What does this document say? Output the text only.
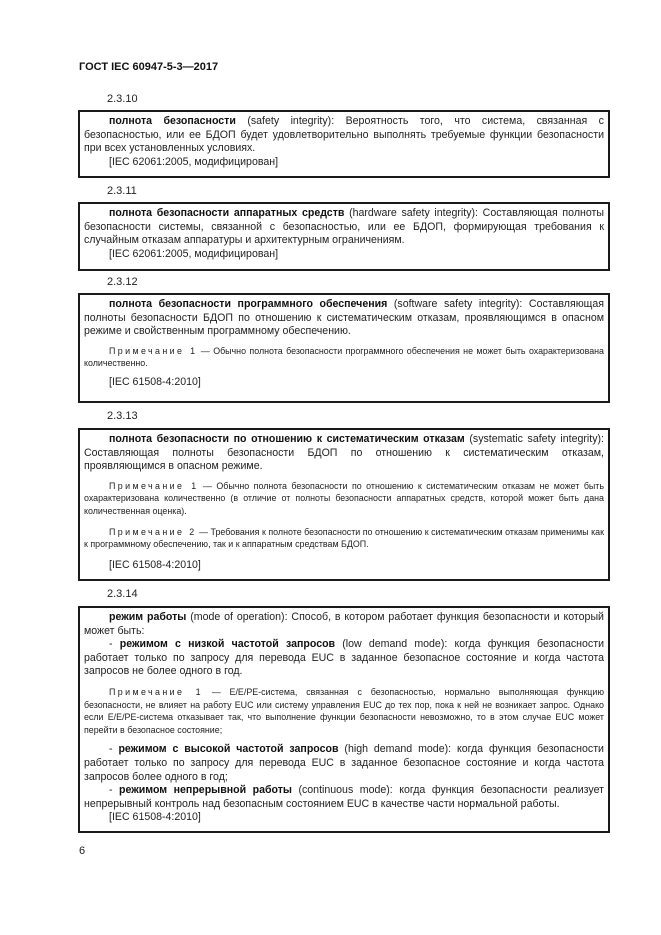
ГОСТ IEC 60947-5-3—2017
2.3.10

полнота безопасности (safety integrity): Вероятность того, что система, связанная с безопасностью, или ее БДОП будет удовлетворительно выполнять требуемые функции безопасности при всех установленных условиях.

[IEC 62061:2005, модифицирован]

2.3.11

полнота безопасности аппаратных средств (hardware safety integrity): Составляющая полноты безопасности системы, связанной с безопасностью, или ее БДОП, формирующая требования к случайным отказам аппаратуры и архитектурным ограничениям.

[IEC 62061:2005, модифицирован]

2.3.12

полнота безопасности программного обеспечения (software safety integrity): Составляющая полноты безопасности БДОП по отношению к систематическим отказам, проявляющимся в опасном режиме и свойственным программному обеспечению.

Примечание 1 — Обычно полнота безопасности программного обеспечения не может быть охарактеризована количественно.

[IEC 61508-4:2010]

2.3.13

полнота безопасности по отношению к систематическим отказам (systematic safety integrity): Составляющая полноты безопасности БДОП по отношению к систематическим отказам, проявляющимся в опасном режиме.

Примечание 1 — Обычно полнота безопасности по отношению к систематическим отказам не может быть охарактеризована количественно (в отличие от полноты безопасности аппаратных средств, которой может быть дана количественная оценка).

Примечание 2 — Требования к полноте безопасности по отношению к систематическим отказам применимы как к программному обеспечению, так и к аппаратным средствам БДОП.

[IEC 61508-4:2010]

2.3.14

режим работы (mode of operation): Способ, в котором работает функция безопасности и который может быть:

- режимом с низкой частотой запросов (low demand mode): когда функция безопасности работает только по запросу для перевода EUC в заданное безопасное состояние и когда частота запросов не более одного в год.

Примечание 1 — E/E/PE-система, связанная с безопасностью, нормально выполняющая функцию безопасности, не влияет на работу EUC или систему управления EUC до тех пор, пока к ней не возникает запрос. Однако если E/E/PE-система отказывает так, что выполнение функции безопасности невозможно, то в этом случае EUC может перейти в безопасное состояние;

- режимом с высокой частотой запросов (high demand mode): когда функция безопасности работает только по запросу для перевода EUC в заданное безопасное состояние и когда частота запросов более одного в год;

- режимом непрерывной работы (continuous mode): когда функция безопасности реализует непрерывный контроль над безопасным состоянием EUC в качестве части нормальной работы.

[IEC 61508-4:2010]

6
